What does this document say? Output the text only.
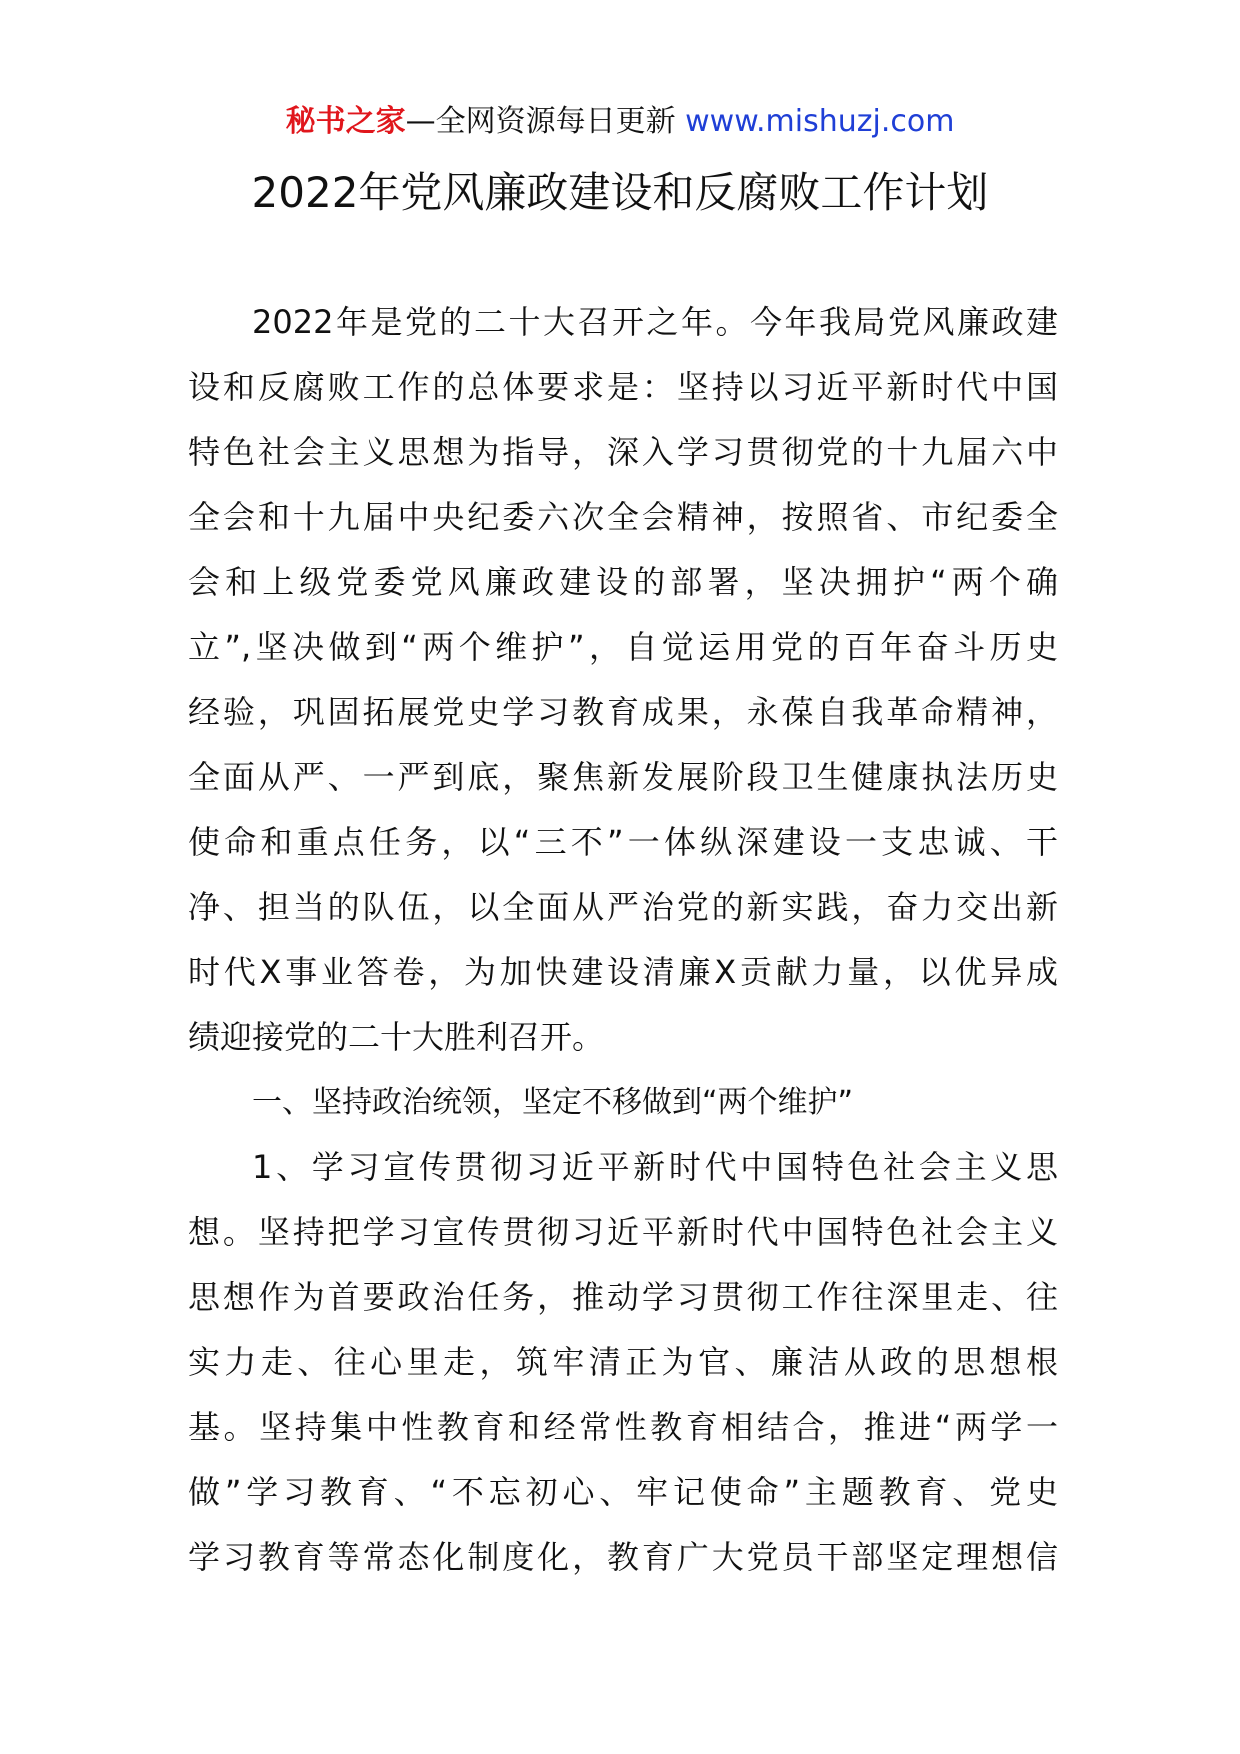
秘书之家—全网资源每日更新 www.mishuzj.com
2022年党风廉政建设和反腐败工作计划
2022年是党的二十大召开之年。今年我局党风廉政建
设和反腐败工作的总体要求是：坚持以习近平新时代中国
特色社会主义思想为指导，深入学习贯彻党的十九届六中
全会和十九届中央纪委六次全会精神，按照省、市纪委全
会和上级党委党风廉政建设的部署，坚决拥护“两个确
立”,坚决做到“两个维护”，自觉运用党的百年奋斗历史
经验，巩固拓展党史学习教育成果，永葆自我革命精神，
全面从严、一严到底，聚焦新发展阶段卫生健康执法历史
使命和重点任务，以“三不”一体纵深建设一支忠诚、干
净、担当的队伍，以全面从严治党的新实践，奋力交出新
时代X事业答卷，为加快建设清廉X贡献力量，以优异成
绩迎接党的二十大胜利召开。
一、坚持政治统领，坚定不移做到“两个维护”
1、学习宣传贯彻习近平新时代中国特色社会主义思
想。坚持把学习宣传贯彻习近平新时代中国特色社会主义
思想作为首要政治任务，推动学习贯彻工作往深里走、往
实力走、往心里走，筑牢清正为官、廉洁从政的思想根
基。坚持集中性教育和经常性教育相结合，推进“两学一
做”学习教育、“不忘初心、牢记使命”主题教育、党史
学习教育等常态化制度化，教育广大党员干部坚定理想信
